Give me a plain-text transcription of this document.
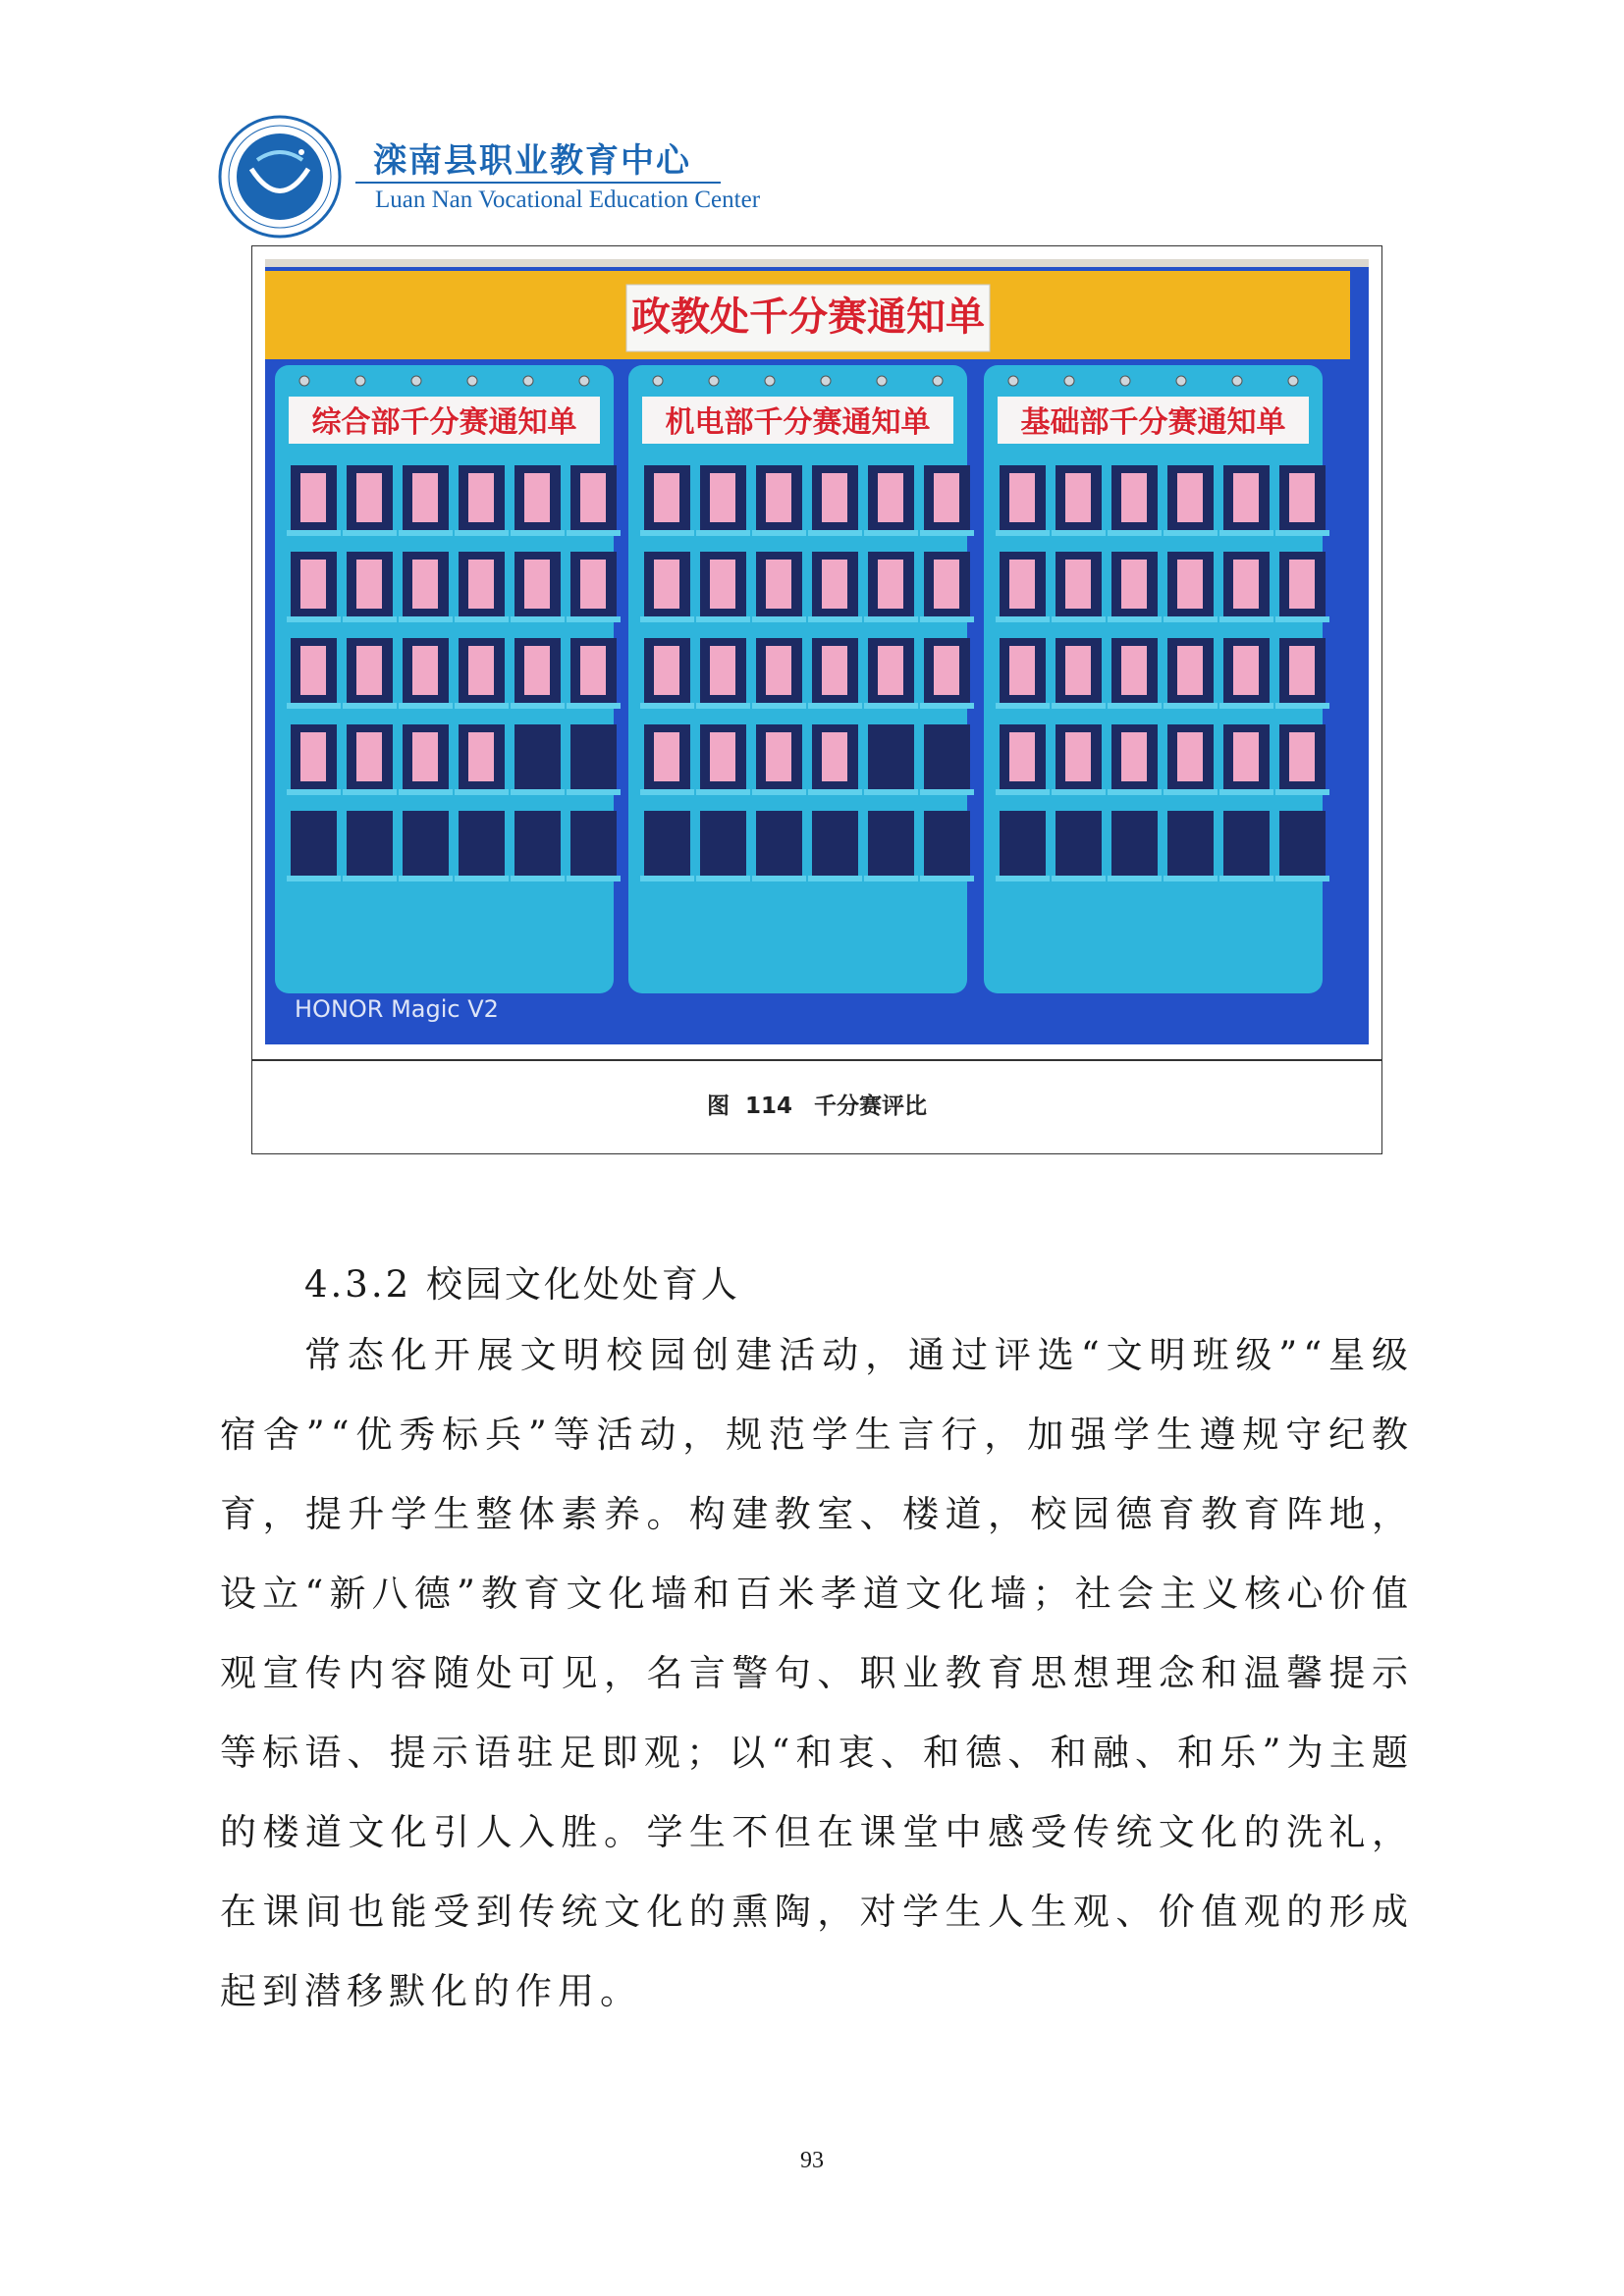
滦南县职业教育中心
Luan Nan Vocational Education Center
政教处千分赛通知单
综合部千分赛通知单	机电部千分赛通知单	基础部千分赛通知单
HONOR Magic V2
图 114 千分赛评比
4.3.2 校园文化处处育人
常态化开展文明校园创建活动，通过评选“文明班级”“星级宿舍”“优秀标兵”等活动，规范学生言行，加强学生遵规守纪教育，提升学生整体素养。构建教室、楼道，校园德育教育阵地，设立“新八德”教育文化墙和百米孝道文化墙；社会主义核心价值观宣传内容随处可见，名言警句、职业教育思想理念和温馨提示等标语、提示语驻足即观；以“和衷、和德、和融、和乐”为主题的楼道文化引人入胜。学生不但在课堂中感受传统文化的洗礼，在课间也能受到传统文化的熏陶，对学生人生观、价值观的形成起到潜移默化的作用。
93
